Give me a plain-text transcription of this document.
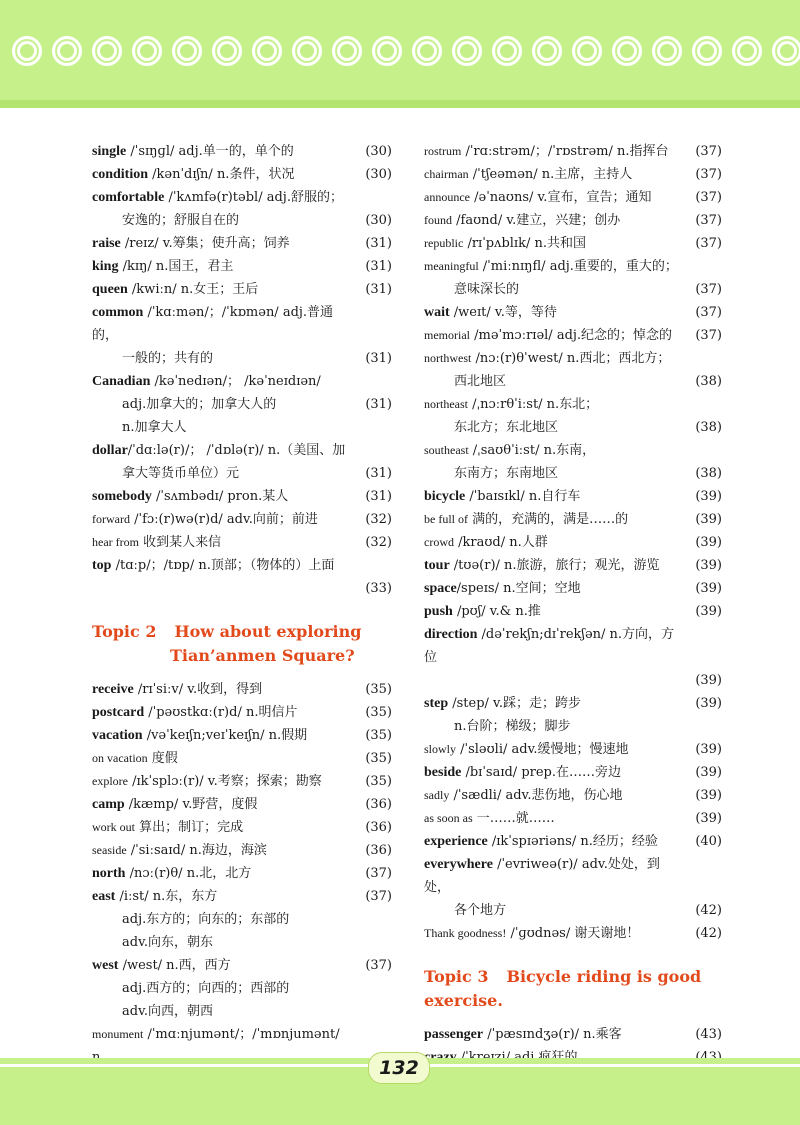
single /ˈsɪŋɡl/ adj.单一的，单个的	(30)
condition /kənˈdɪʃn/ n.条件，状况	(30)
comfortable /ˈkʌmfə(r)təbl/ adj.舒服的；
安逸的；舒服自在的	(30)
raise /reɪz/ v.筹集；使升高；饲养	(31)
king /kɪŋ/ n.国王，君主	(31)
queen /kwiːn/ n.女王；王后	(31)
common /ˈkɑːmən/；/ˈkɒmən/ adj.普通的，
一般的；共有的	(31)
Canadian /kəˈnedɪən/； /kəˈneɪdɪən/
adj.加拿大的；加拿大人的	(31)
n.加拿大人
dollar/ˈdɑːlə(r)/； /ˈdɒlə(r)/ n.（美国、加
拿大等货币单位）元	(31)
somebody /ˈsʌmbədɪ/ pron.某人	(31)
forward /ˈfɔː(r)wə(r)d/ adv.向前；前进	(32)
hear from 收到某人来信	(32)
top /tɑːp/；/tɒp/ n.顶部；（物体的）上面
(33)
Topic 2 How about exploring
Tian’anmen Square?
receive /rɪˈsiːv/ v.收到，得到	(35)
postcard /ˈpəʊstkɑː(r)d/ n.明信片	(35)
vacation /vəˈkeɪʃn;veɪˈkeɪʃn/ n.假期	(35)
on vacation 度假	(35)
explore /ɪkˈsplɔː(r)/ v.考察；探索；勘察	(35)
camp /kæmp/ v.野营，度假	(36)
work out 算出；制订；完成	(36)
seaside /ˈsiːsaɪd/ n.海边，海滨	(36)
north /nɔː(r)θ/ n.北，北方	(37)
east /iːst/ n.东，东方	(37)
adj.东方的；向东的；东部的
adv.向东，朝东
west /west/ n.西，西方	(37)
adj.西方的；向西的；西部的
adv.向西，朝西
monument /ˈmɑːnjumənt/；/ˈmɒnjumənt/
rostrum /ˈrɑːstrəm/；/ˈrɒstrəm/ n.指挥台	(37)
chairman /ˈtʃeəmən/ n.主席，主持人	(37)
announce /əˈnaʊns/ v.宣布，宣告；通知	(37)
found /faʊnd/ v.建立，兴建；创办	(37)
republic /rɪˈpʌblɪk/ n.共和国	(37)
meaningful /ˈmiːnɪŋfl/ adj.重要的，重大的；
意味深长的	(37)
wait /weɪt/ v.等，等待	(37)
memorial /məˈmɔːrɪəl/ adj.纪念的；悼念的	(37)
northwest /nɔː(r)θˈwest/ n.西北；西北方；
西北地区	(38)
northeast /ˌnɔːrθˈiːst/ n.东北；
东北方；东北地区	(38)
southeast /ˌsaʊθˈiːst/ n.东南，
东南方；东南地区	(38)
bicycle /ˈbaɪsɪkl/ n.自行车	(39)
be full of 满的，充满的，满是……的	(39)
crowd /kraʊd/ n.人群	(39)
tour /tʊə(r)/ n.旅游，旅行；观光，游览	(39)
space/speɪs/ n.空间；空地	(39)
push /pʊʃ/ v.& n.推	(39)
direction /dəˈrekʃn;dɪˈrekʃən/ n.方向，方位
(39)
step /step/ v.踩；走；跨步	(39)
n.台阶；梯级；脚步
slowly /ˈsləʊli/ adv.缓慢地；慢速地	(39)
beside /bɪˈsaɪd/ prep.在……旁边	(39)
sadly /ˈsædli/ adv.悲伤地，伤心地	(39)
as soon as 一……就……	(39)
experience /ɪkˈspɪəriəns/ n.经历；经验	(40)
everywhere /ˈevriweə(r)/ adv.处处，到处，
各个地方	(42)
Thank goodness! /ˈɡʊdnəs/ 谢天谢地！	(42)
Topic 3 Bicycle riding is good exercise.
passenger /ˈpæsɪndʒə(r)/ n.乘客	(43)
132
